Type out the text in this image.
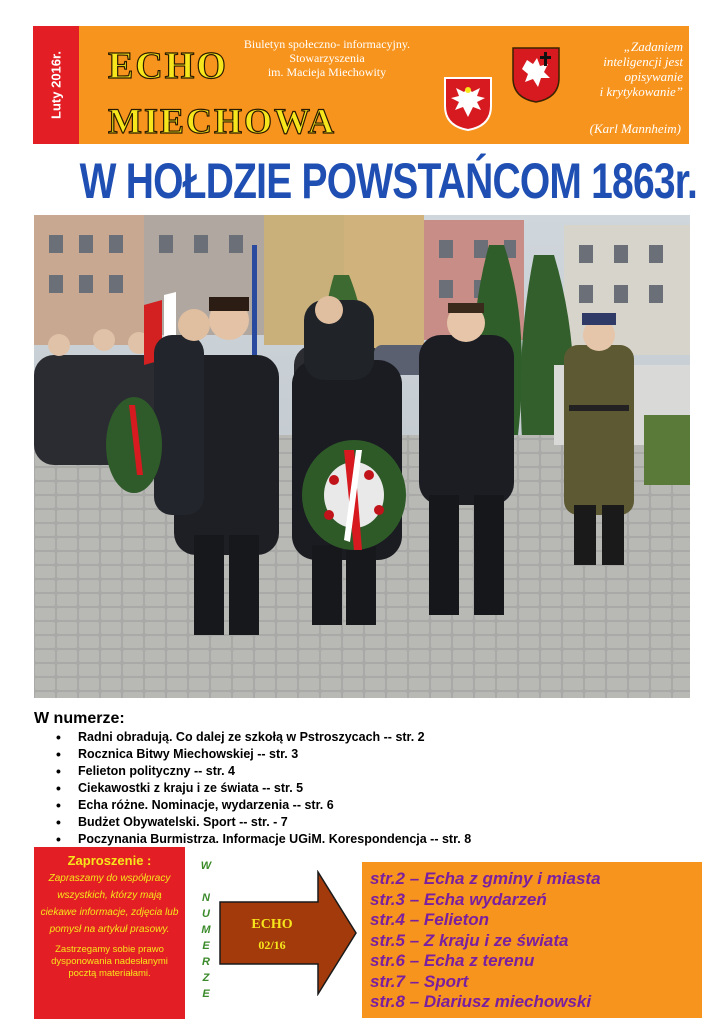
Luty 2016r. ECHO
MIECHOWA
Biuletyn społeczno- informacyjny.
Stowarzyszenia
im. Macieja Miechowity
„Zadaniem
inteligencji jest
opisywanie
i krytykowanie”
(Karl Mannheim)
W HOŁDZIE POWSTAŃCOM 1863r.
W numerze:
• Radni obradują. Co dalej ze szkołą w Pstroszycach -- str. 2
• Rocznica Bitwy Miechowskiej -- str. 3
• Felieton polityczny -- str. 4
• Ciekawostki z kraju i ze świata -- str. 5
• Echa różne. Nominacje, wydarzenia -- str. 6
• Budżet Obywatelski. Sport -- str. - 7
• Poczynania Burmistrza. Informacje UGiM. Korespondencja -- str. 8
Zaproszenie :
Zapraszamy do współpracy wszystkich, którzy mają ciekawe informacje, zdjęcia lub pomysł na artykuł prasowy.
Zastrzegamy sobie prawo dysponowania nadesłanymi pocztą materiałami.
W

N
U
M
E
R
Z
E
ECHO
02/16
str.2 – Echa z gminy i miasta
str.3 – Echa wydarzeń
str.4 – Felieton
str.5 – Z kraju i ze świata
str.6 – Echa z terenu
str.7 – Sport
str.8 – Diariusz miechowski
